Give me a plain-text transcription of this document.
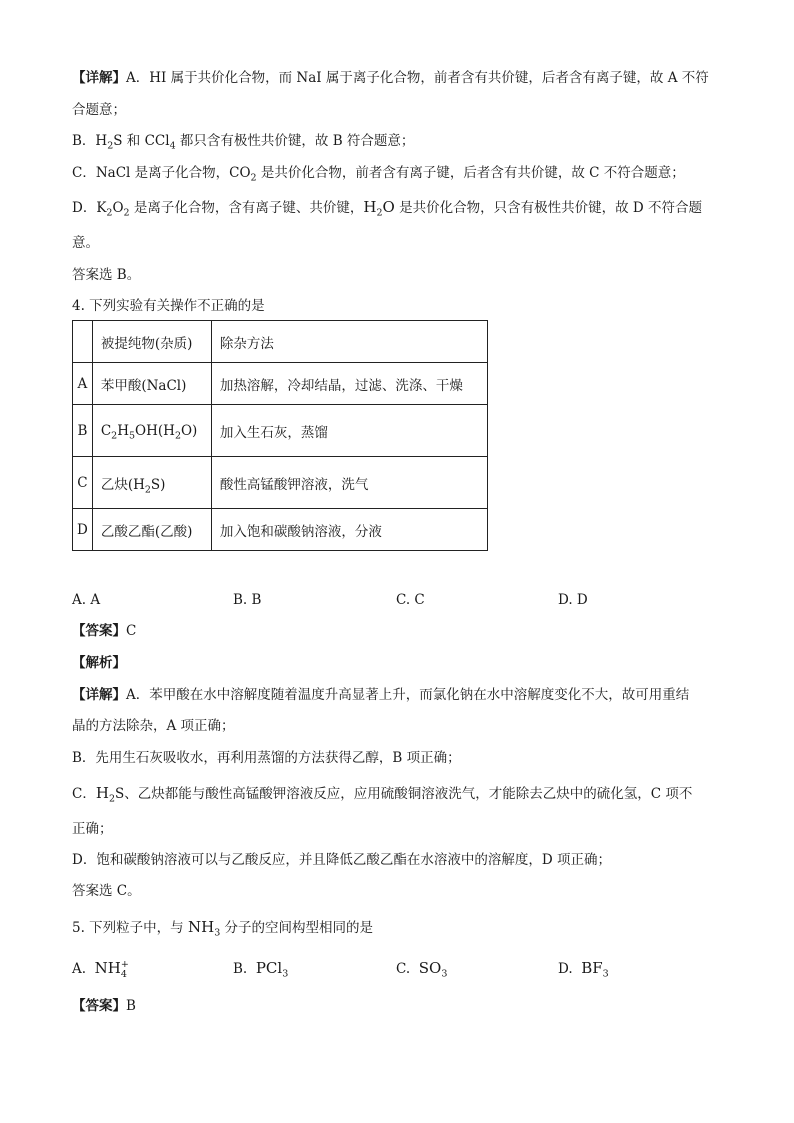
【详解】A．HI 属于共价化合物，而 NaI 属于离子化合物，前者含有共价键，后者含有离子键，故 A 不符
合题意；
B．$H_2S$ 和 CCl$_4$ 都只含有极性共价键，故 B 符合题意；
C．NaCl 是离子化合物，$CO_2$ 是共价化合物，前者含有离子键，后者含有共价键，故 C 不符合题意；
D．$K_2O_2$ 是离子化合物，含有离子键、共价键，$H_2O$ 是共价化合物，只含有极性共价键，故 D 不符合题
意。
答案选 B。
4. 下列实验有关操作不正确的是
	被提纯物(杂质)	除杂方法
A	苯甲酸(NaCl)	加热溶解，冷却结晶，过滤、洗涤、干燥
B	$C_2H_5OH(H_2O)$	加入生石灰，蒸馏
C	乙炔$(H_2S)$	酸性高锰酸钾溶液，洗气
D	乙酸乙酯(乙酸)	加入饱和碳酸钠溶液，分液
A. A	B. B	C. C	D. D
【答案】C
【解析】
【详解】A．苯甲酸在水中溶解度随着温度升高显著上升，而氯化钠在水中溶解度变化不大，故可用重结
晶的方法除杂，A 项正确；
B．先用生石灰吸收水，再利用蒸馏的方法获得乙醇，B 项正确；
C．$H_2S$、乙炔都能与酸性高锰酸钾溶液反应，应用硫酸铜溶液洗气，才能除去乙炔中的硫化氢，C 项不
正确；
D．饱和碳酸钠溶液可以与乙酸反应，并且降低乙酸乙酯在水溶液中的溶解度，D 项正确；
答案选 C。
5. 下列粒子中，与 $NH_3$ 分子的空间构型相同的是
A. NH +
4	B. PCl$_3$	C. $SO_3$	D. $BF_3$
【答案】B
